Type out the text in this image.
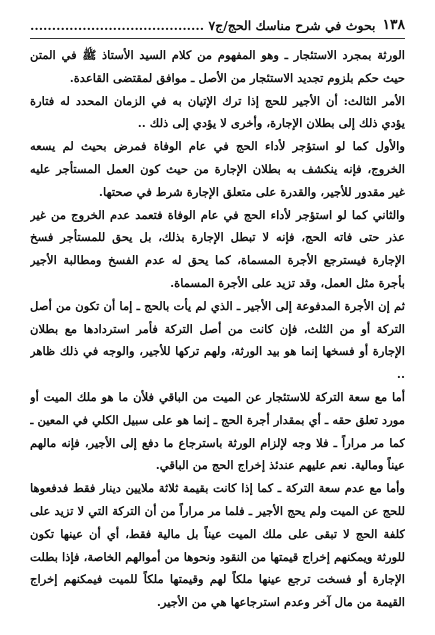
١٣٨
بحوث في شرح مناسك الحج/ج٧ ........................................

الورثة بمجرد الاستئجار ـ وهو المفهوم من كلام السيد الأستاذ ﷺ في المتن حيث حكم بلزوم تجديد الاستئجار من الأصل ـ موافق لمقتضى القاعدة.

الأمر الثالث: أن الأجير للحج إذا ترك الإتيان به في الزمان المحدد له فتارة يؤدي ذلك إلى بطلان الإجارة، وأخرى لا يؤدي إلى ذلك ..

والأول كما لو استؤجر لأداء الحج في عام الوفاة فمرض بحيث لم يسعه الخروج، فإنه ينكشف به بطلان الإجارة من حيث كون العمل المستأجر عليه غير مقدور للأجير، والقدرة على متعلق الإجارة شرط في صحتها.

والثاني كما لو استؤجر لأداء الحج في عام الوفاة فتعمد عدم الخروج من غير عذر حتى فاته الحج، فإنه لا تبطل الإجارة بذلك، بل يحق للمستأجر فسخ الإجارة فيسترجع الأجرة المسماة، كما يحق له عدم الفسخ ومطالبة الأجير بأجرة مثل العمل، وقد تزيد على الأجرة المسماة.

ثم إن الأجرة المدفوعة إلى الأجير ـ الذي لم يأت بالحج ـ إما أن تكون من أصل التركة أو من الثلث، فإن كانت من أصل التركة فأمر استردادها مع بطلان الإجارة أو فسخها إنما هو بيد الورثة، ولهم تركها للأجير، والوجه في ذلك ظاهر ..

أما مع سعة التركة للاستئجار عن الميت من الباقي فلأن ما هو ملك الميت أو مورد تعلق حقه ـ أي بمقدار أجرة الحج ـ إنما هو على سبيل الكلي في المعين ـ كما مر مراراً ـ فلا وجه لإلزام الورثة باسترجاع ما دفع إلى الأجير، فإنه مالهم عيناً ومالية. نعم عليهم عندئذ إخراج الحج من الباقي.

وأما مع عدم سعة التركة ـ كما إذا كانت بقيمة ثلاثة ملايين دينار فقط فدفعوها للحج عن الميت ولم يحج الأجير ـ فلما مر مراراً من أن التركة التي لا تزيد على كلفة الحج لا تبقى على ملك الميت عيناً بل مالية فقط، أي أن عينها تكون للورثة ويمكنهم إخراج قيمتها من النقود ونحوها من أموالهم الخاصة، فإذا بطلت الإجارة أو فسخت ترجع عينها ملكاً لهم وقيمتها ملكاً للميت فيمكنهم إخراج القيمة من مال آخر وعدم استرجاعها هي من الأجير.
